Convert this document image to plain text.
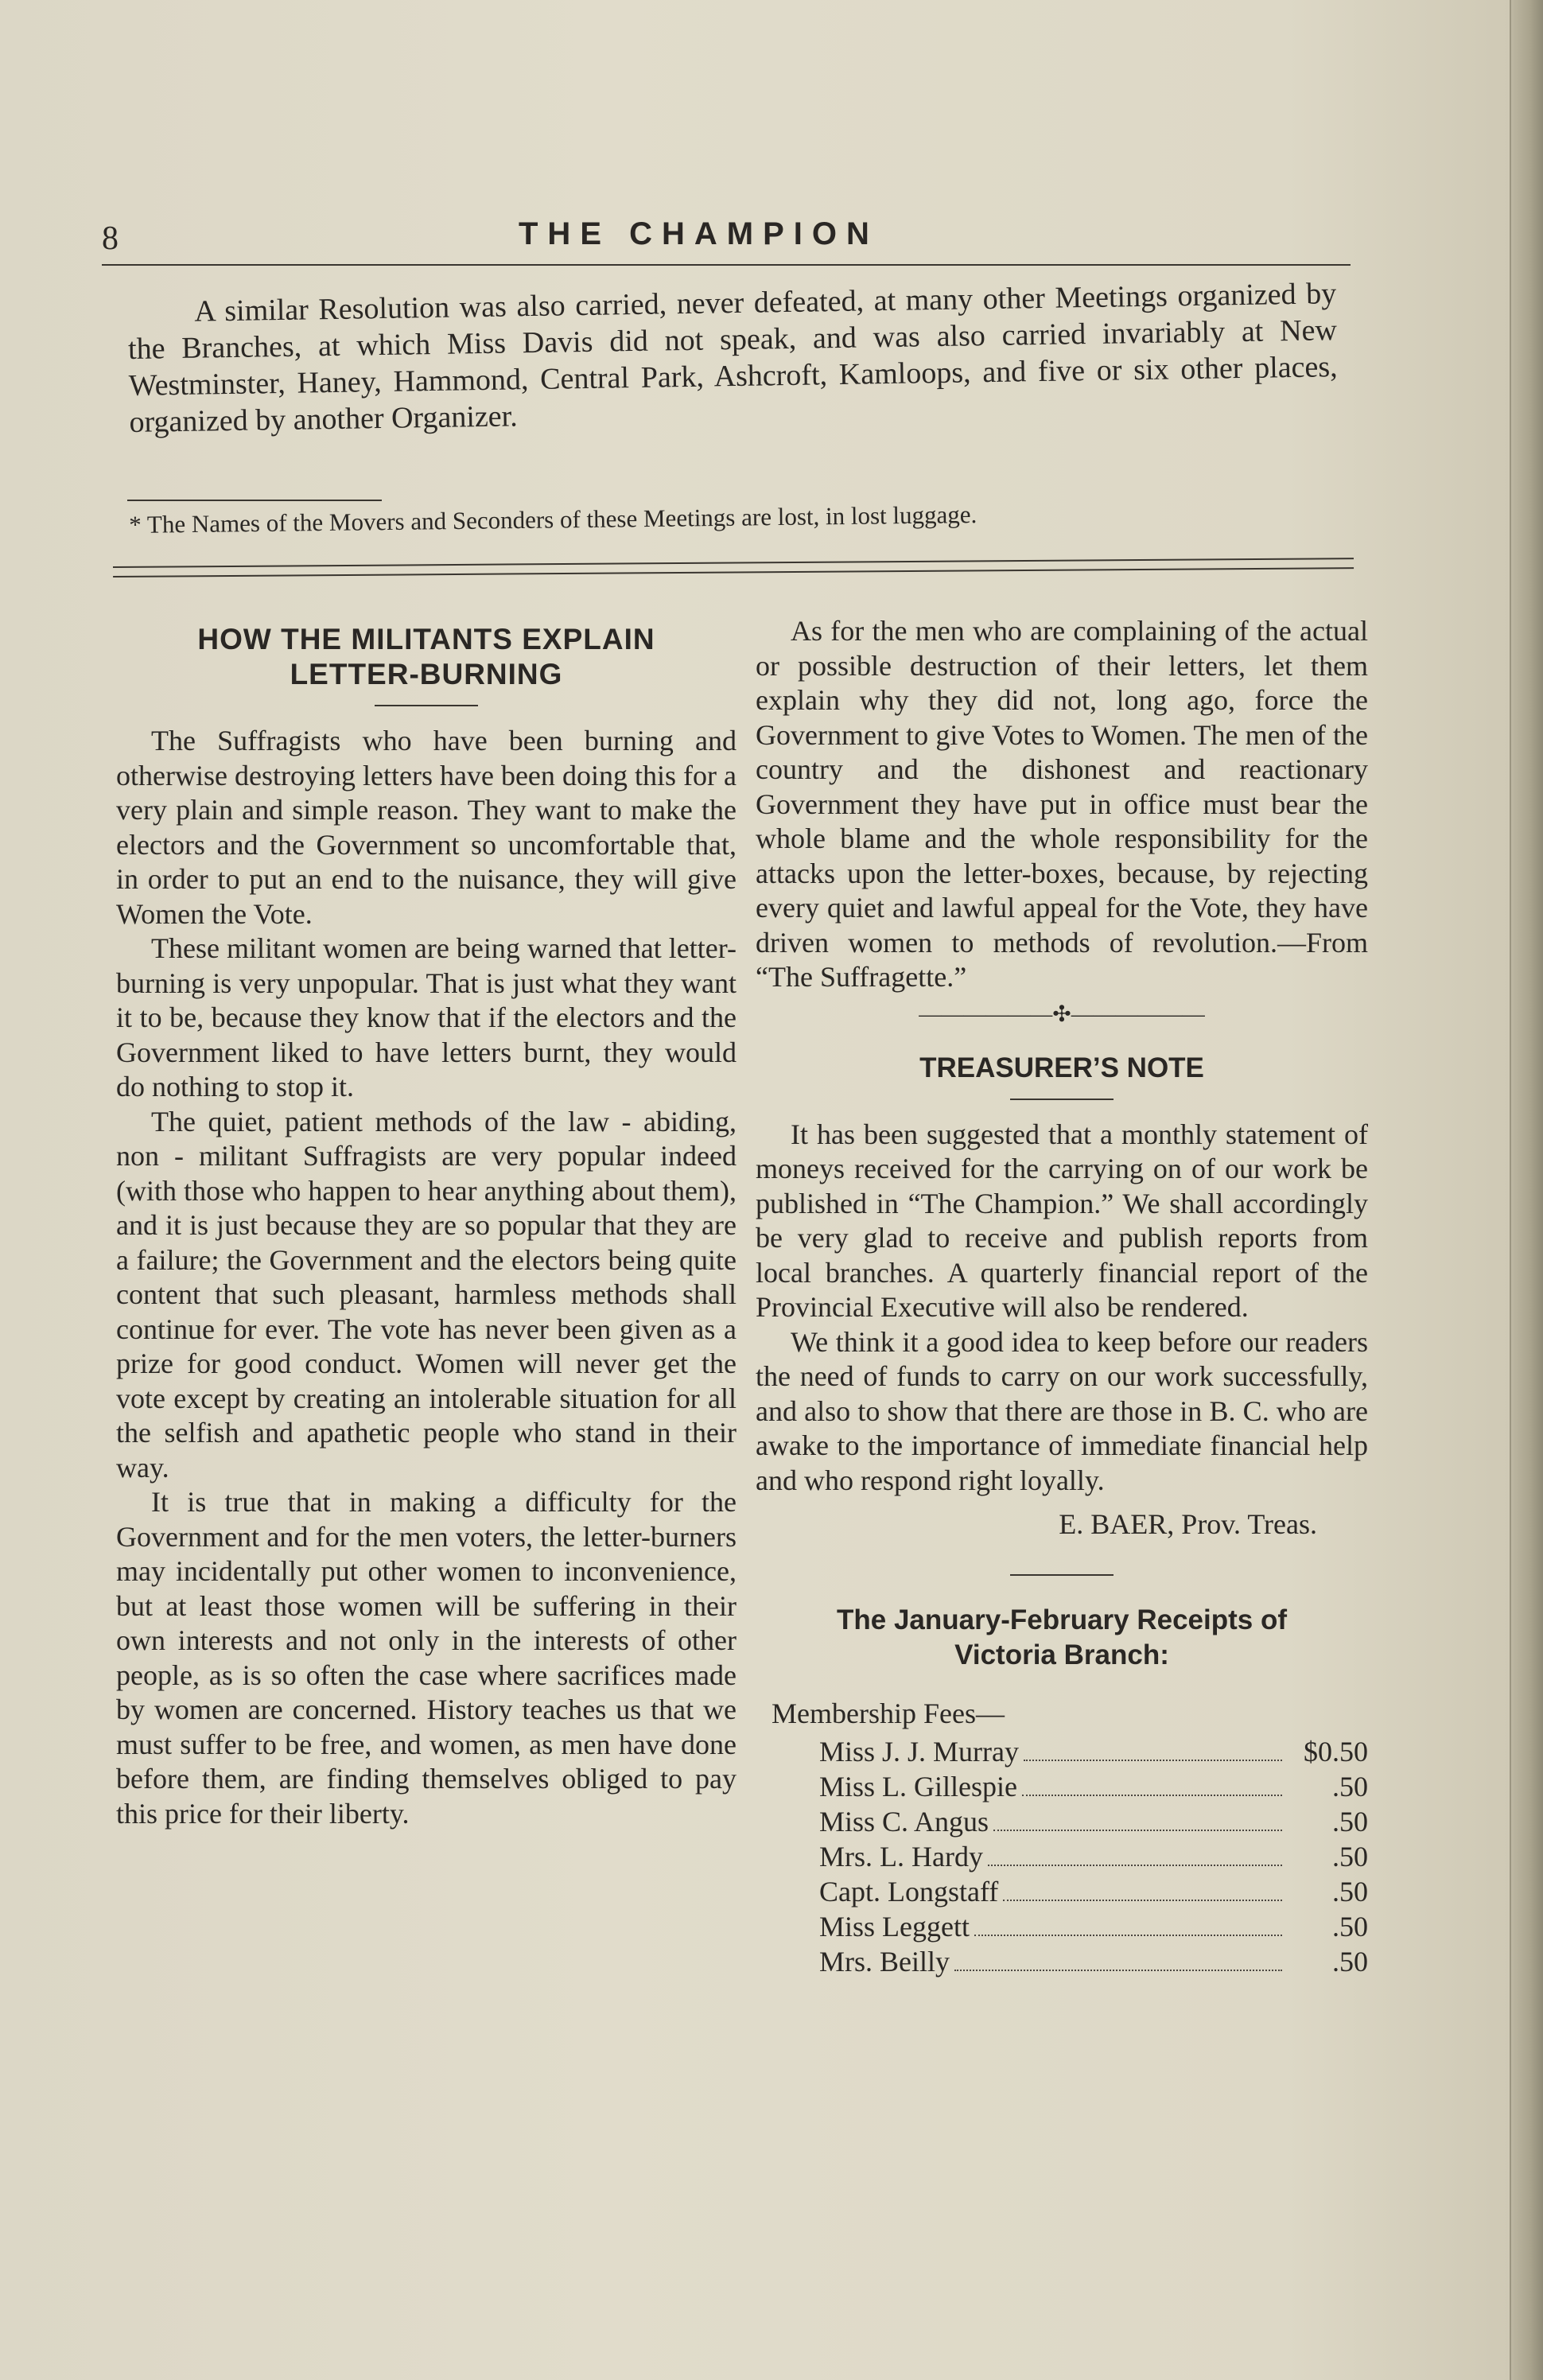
8	THE CHAMPION

A similar Resolution was also carried, never defeated, at many other Meetings organized by the Branches, at which Miss Davis did not speak, and was also carried invariably at New Westminster, Haney, Hammond, Central Park, Ashcroft, Kamloops, and five or six other places, organized by another Organizer.

* The Names of the Movers and Seconders of these Meetings are lost, in lost luggage.
HOW THE MILITANTS EXPLAIN
LETTER-BURNING

The Suffragists who have been burning and otherwise destroying letters have been doing this for a very plain and simple reason. They want to make the electors and the Government so uncomfortable that, in order to put an end to the nuisance, they will give Women the Vote.

These militant women are being warned that letter-burning is very unpopular. That is just what they want it to be, because they know that if the electors and the Government liked to have letters burnt, they would do nothing to stop it.

The quiet, patient methods of the law - abiding, non - militant Suffragists are very popular indeed (with those who happen to hear anything about them), and it is just because they are so popular that they are a failure; the Government and the electors being quite content that such pleasant, harmless methods shall continue for ever. The vote has never been given as a prize for good conduct. Women will never get the vote except by creating an intolerable situation for all the selfish and apathetic people who stand in their way.

It is true that in making a difficulty for the Government and for the men voters, the letter-burners may incidentally put other women to inconvenience, but at least those women will be suffering in their own interests and not only in the interests of other people, as is so often the case where sacrifices made by women are concerned. History teaches us that we must suffer to be free, and women, as men have done before them, are finding themselves obliged to pay this price for their liberty.

As for the men who are complaining of the actual or possible destruction of their letters, let them explain why they did not, long ago, force the Government to give Votes to Women. The men of the country and the dishonest and reactionary Government they have put in office must bear the whole blame and the whole responsibility for the attacks upon the letter-boxes, because, by rejecting every quiet and lawful appeal for the Vote, they have driven women to methods of revolution.—From “The Suffragette.”

——————✣——————
TREASURER’S NOTE

It has been suggested that a monthly statement of moneys received for the carrying on of our work be published in “The Champion.” We shall accordingly be very glad to receive and publish reports from local branches. A quarterly financial report of the Provincial Executive will also be rendered.

We think it a good idea to keep before our readers the need of funds to carry on our work successfully, and also to show that there are those in B. C. who are awake to the importance of immediate financial help and who respond right loyally.

E. BAER, Prov. Treas.
The January-February Receipts of
Victoria Branch:

Membership Fees—

Miss J. J. Murray	$0.50
Miss L. Gillespie	.50
Miss C. Angus	.50
Mrs. L. Hardy	.50
Capt. Longstaff	.50
Miss Leggett	.50
Mrs. Beilly	.50
